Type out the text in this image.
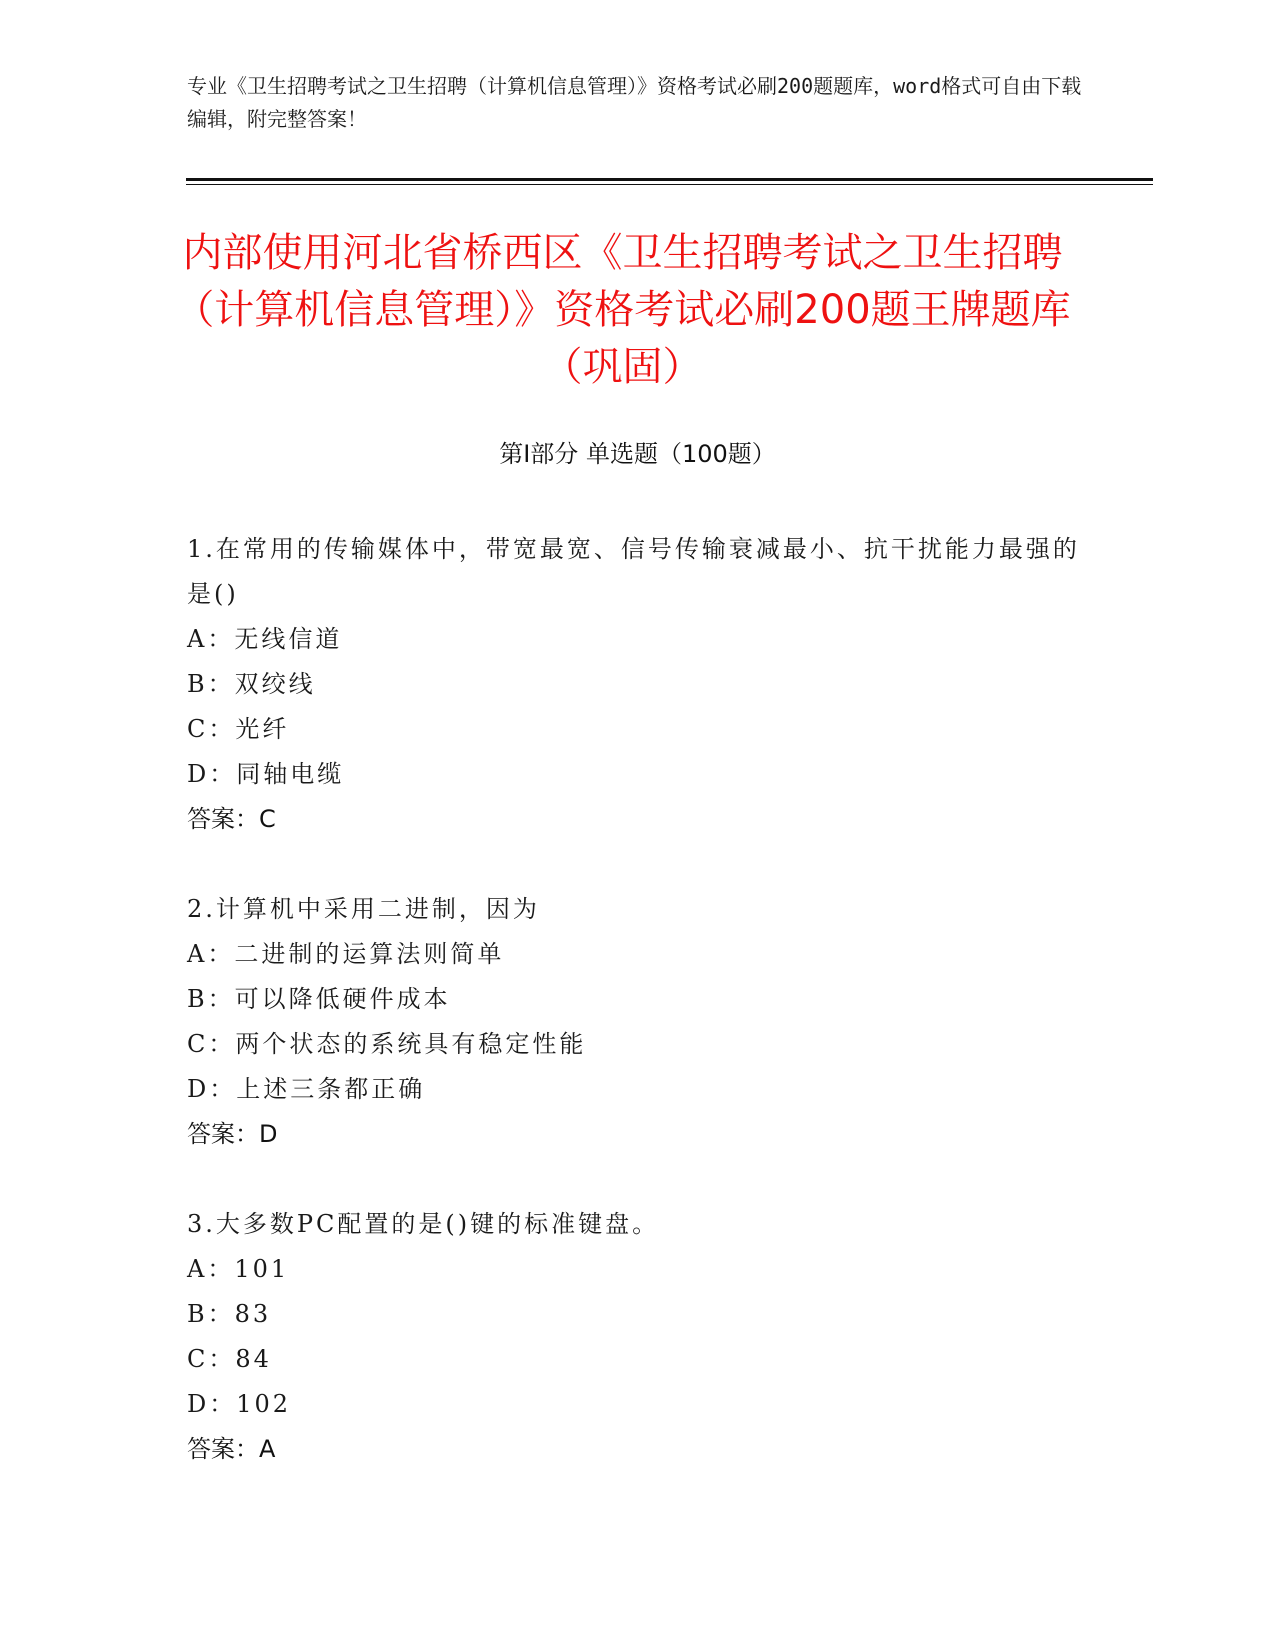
专业《卫生招聘考试之卫生招聘（计算机信息管理）》资格考试必刷200题题库，word格式可自由下载编辑，附完整答案！
内部使用河北省桥西区《卫生招聘考试之卫生招聘（计算机信息管理）》资格考试必刷200题王牌题库（巩固）
第Ⅰ部分 单选题（100题）
1.在常用的传输媒体中，带宽最宽、信号传输衰减最小、抗干扰能力最强的是()
A：无线信道
B：双绞线
C：光纤
D：同轴电缆
答案：C
2.计算机中采用二进制，因为
A：二进制的运算法则简单
B：可以降低硬件成本
C：两个状态的系统具有稳定性能
D：上述三条都正确
答案：D
3.大多数PC配置的是()键的标准键盘。
A：101
B：83
C：84
D：102
答案：A
